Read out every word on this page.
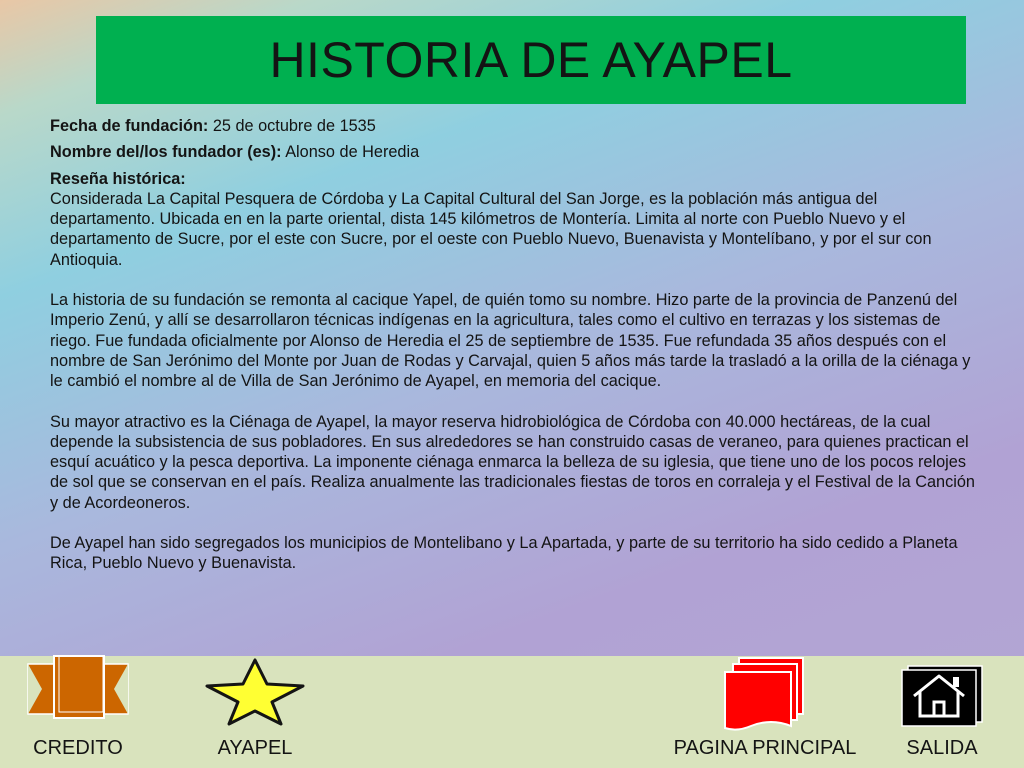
HISTORIA DE AYAPEL

Fecha de fundación: 25 de octubre de 1535

Nombre del/los fundador (es): Alonso de Heredia

Reseña histórica:

Considerada La Capital Pesquera de Córdoba y La Capital Cultural del San Jorge, es la población más antigua del departamento. Ubicada en en la parte oriental, dista 145 kilómetros de Montería. Limita al norte con Pueblo Nuevo y el departamento de Sucre, por el este con Sucre, por el oeste con Pueblo Nuevo, Buenavista y Montelíbano, y por el sur con Antioquia.

La historia de su fundación se remonta al cacique Yapel, de quién tomo su nombre. Hizo parte de la provincia de Panzenú del Imperio Zenú, y allí se desarrollaron técnicas indígenas en la agricultura, tales como el cultivo en terrazas y los sistemas de riego. Fue fundada oficialmente por Alonso de Heredia el 25 de septiembre de 1535. Fue refundada 35 años después con el nombre de San Jerónimo del Monte por Juan de Rodas y Carvajal, quien 5 años más tarde la trasladó a la orilla de la ciénaga y le cambió el nombre al de Villa de San Jerónimo de Ayapel, en memoria del cacique.

Su mayor atractivo es la Ciénaga de Ayapel, la mayor reserva hidrobiológica de Córdoba con 40.000 hectáreas, de la cual depende la subsistencia de sus pobladores. En sus alrededores se han construido casas de veraneo, para quienes practican el esquí acuático y la pesca deportiva. La imponente ciénaga enmarca la belleza de su iglesia, que tiene uno de los pocos relojes de sol que se conservan en el país. Realiza anualmente las tradicionales fiestas de toros en corraleja y el Festival de la Canción y de Acordeoneros.

De Ayapel han sido segregados los municipios de Montelibano y La Apartada, y parte de su territorio ha sido cedido a Planeta Rica, Pueblo Nuevo y Buenavista.

CREDITO	AYAPEL	PAGINA PRINCIPAL	SALIDA
